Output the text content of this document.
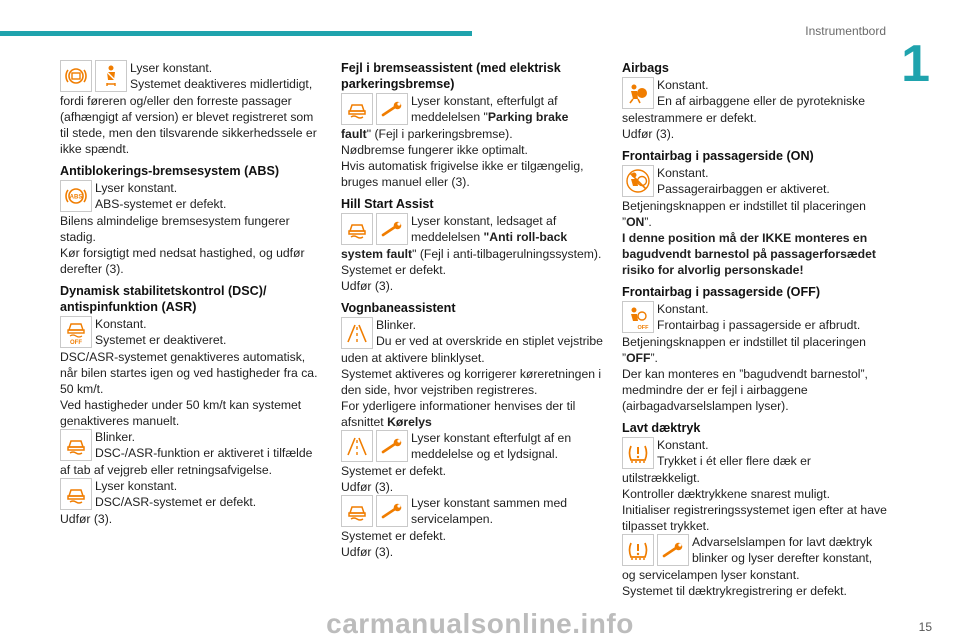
Instrumentbord
1

Lyser konstant.

Systemet deaktiveres midlertidigt,

fordi føreren og/eller den forreste passager (afhængigt af version) er blevet registreret som til stede, men den tilsvarende sikkerhedssele er ikke spændt.

Antiblokerings-bremsesystem (ABS)

Lyser konstant.

ABS-systemet er defekt.

Bilens almindelige bremsesystem fungerer stadig.

Kør forsigtigt med nedsat hastighed, og udfør derefter (3).

Dynamisk stabilitetskontrol (DSC)/ antispinfunktion (ASR)

Konstant.

Systemet er deaktiveret.

DSC/ASR-systemet genaktiveres automatisk, når bilen startes igen og ved hastigheder fra ca. 50 km/t.

Ved hastigheder under 50 km/t kan systemet genaktiveres manuelt.

Blinker.

DSC-/ASR-funktion er aktiveret i tilfælde

af tab af vejgreb eller retningsafvigelse.

Lyser konstant.

DSC/ASR-systemet er defekt.

Udfør (3).

Fejl i bremseassistent (med elektrisk parkeringsbremse)

Lyser konstant, efterfulgt af

meddelelsen "Parking brake

fault" (Fejl i parkeringsbremse).

Nødbremse fungerer ikke optimalt.

Hvis automatisk frigivelse ikke er tilgængelig, bruges manuel eller (3).

Hill Start Assist

Lyser konstant, ledsaget af

meddelelsen "Anti roll-back

system fault" (Fejl i anti-tilbagerulningssystem).

Systemet er defekt.

Udfør (3).

Vognbaneassistent

Blinker.

Du er ved at overskride en stiplet vejstribe

uden at aktivere blinklyset.

Systemet aktiveres og korrigerer køreretningen i den side, hvor vejstriben registreres.

For yderligere informationer henvises der til afsnittet Kørelys

Lyser konstant efterfulgt af en

meddelelse og et lydsignal.

Systemet er defekt.

Udfør (3).

Lyser konstant sammen med

servicelampen.

Systemet er defekt.

Udfør (3).

Airbags

Konstant.

En af airbaggene eller de pyrotekniske

selestrammere er defekt.

Udfør (3).

Frontairbag i passagerside (ON)

Konstant.

Passagerairbaggen er aktiveret.

Betjeningsknappen er indstillet til placeringen ”ON”.

I denne position må der IKKE monteres en bagudvendt barnestol på passagerforsædet risiko for alvorlig personskade!

Frontairbag i passagerside (OFF)

Konstant.

Frontairbag i passagerside er afbrudt.

Betjeningsknappen er indstillet til placeringen ”OFF”.

Der kan monteres en ”bagudvendt barnestol”, medmindre der er fejl i airbaggene (airbagadvarselslampen lyser).

Lavt dæktryk

Konstant.

Trykket i ét eller flere dæk er

utilstrækkeligt.

Kontroller dæktrykkene snarest muligt.

Initialiser registreringssystemet igen efter at have tilpasset trykket.

Advarselslampen for lavt dæktryk

blinker og lyser derefter konstant,

og servicelampen lyser konstant.

Systemet til dæktrykregistrering er defekt.

15
carmanualsonline.info
